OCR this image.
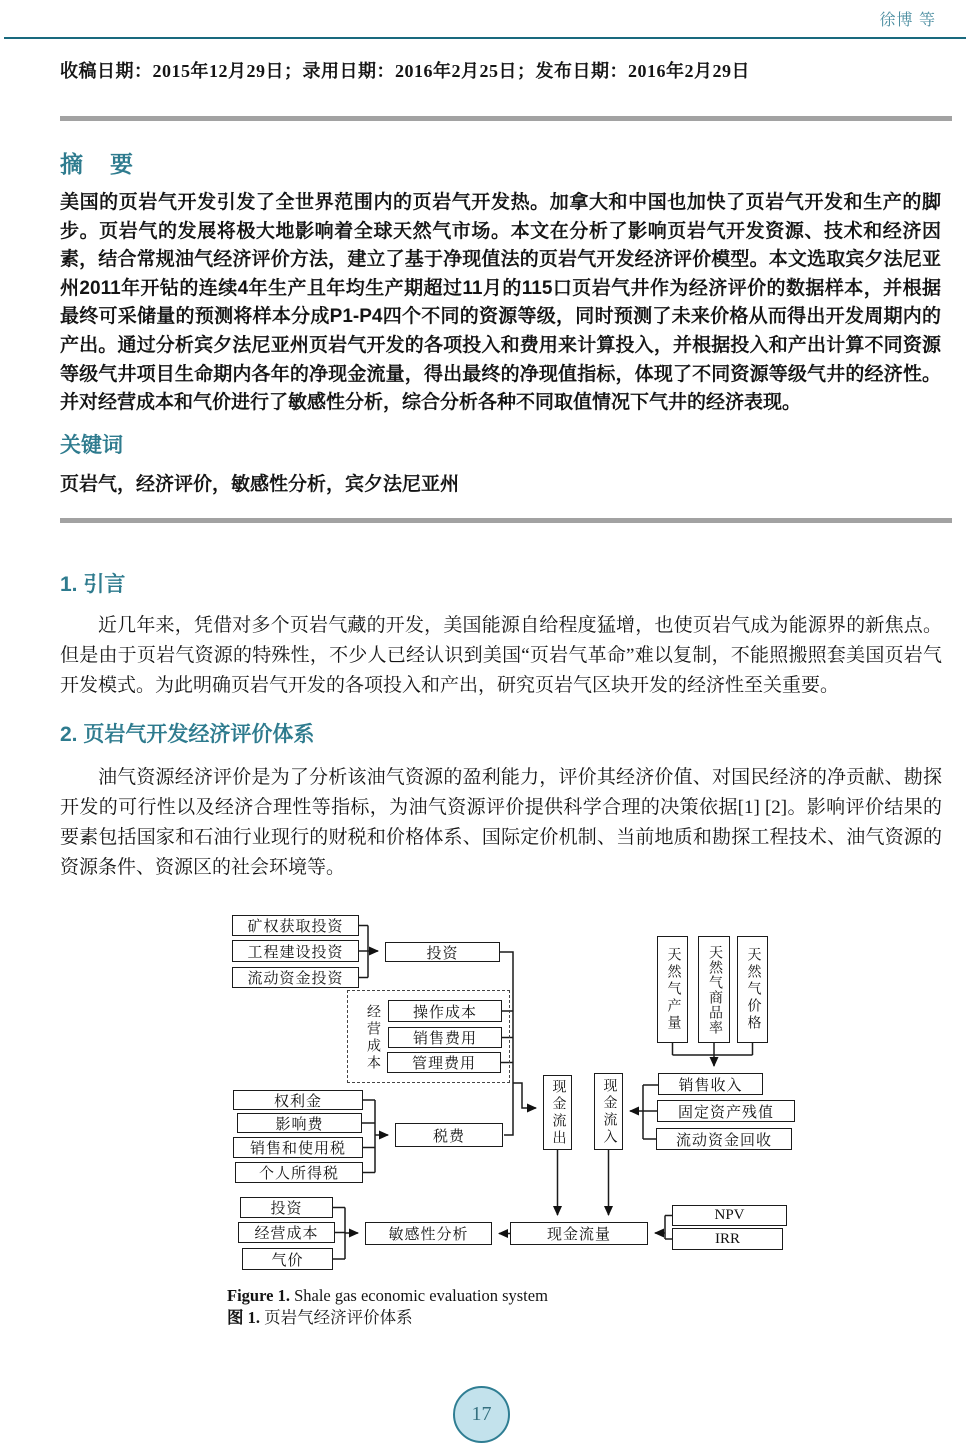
徐博 等
收稿日期：2015年12月29日；录用日期：2016年2月25日；发布日期：2016年2月29日
摘　要
美国的页岩气开发引发了全世界范围内的页岩气开发热。加拿大和中国也加快了页岩气开发和生产的脚步。页岩气的发展将极大地影响着全球天然气市场。本文在分析了影响页岩气开发资源、技术和经济因素，结合常规油气经济评价方法，建立了基于净现值法的页岩气开发经济评价模型。本文选取宾夕法尼亚州2011年开钻的连续4年生产且年均生产期超过11月的115口页岩气井作为经济评价的数据样本，并根据最终可采储量的预测将样本分成P1-P4四个不同的资源等级，同时预测了未来价格从而得出开发周期内的产出。通过分析宾夕法尼亚州页岩气开发的各项投入和费用来计算投入，并根据投入和产出计算不同资源等级气井项目生命期内各年的净现金流量，得出最终的净现值指标，体现了不同资源等级气井的经济性。并对经营成本和气价进行了敏感性分析，综合分析各种不同取值情况下气井的经济表现。
关键词
页岩气，经济评价，敏感性分析，宾夕法尼亚州
1. 引言
近几年来，凭借对多个页岩气藏的开发，美国能源自给程度猛增，也使页岩气成为能源界的新焦点。但是由于页岩气资源的特殊性，不少人已经认识到美国“页岩气革命”难以复制，不能照搬照套美国页岩气开发模式。为此明确页岩气开发的各项投入和产出，研究页岩气区块开发的经济性至关重要。
2. 页岩气开发经济评价体系
油气资源经济评价是为了分析该油气资源的盈利能力，评价其经济价值、对国民经济的净贡献、勘探开发的可行性以及经济合理性等指标，为油气资源评价提供科学合理的决策依据[1] [2]。影响评价结果的要素包括国家和石油行业现行的财税和价格体系、国际定价机制、当前地质和勘探工程技术、油气资源的资源条件、资源区的社会环境等。
经营成本
矿权获取投资
工程建设投资
流动资金投资
投资
操作成本
销售费用
管理费用
权利金
影响费
销售和使用税
个人所得税
税费	现金流出	现金流入
天然气产量	天然气商品率	天然气价格
销售收入
固定资产残值
流动资金回收
投资
经营成本
气价
敏感性分析	现金流量
NPV
IRR
Figure 1. Shale gas economic evaluation system
图 1. 页岩气经济评价体系
17
